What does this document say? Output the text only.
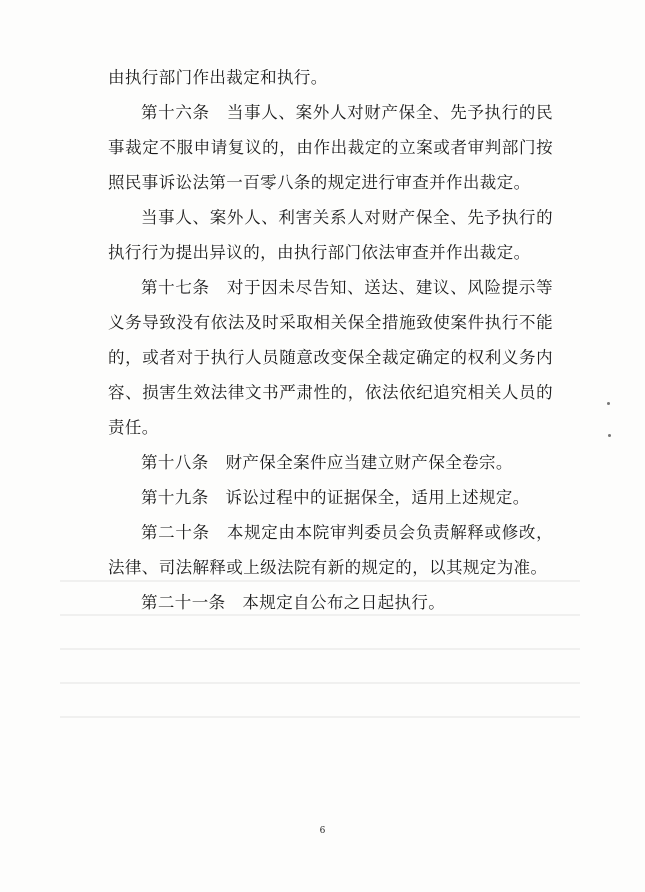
由执行部门作出裁定和执行。

第十六条　当事人、案外人对财产保全、先予执行的民事裁定不服申请复议的，由作出裁定的立案或者审判部门按照民事诉讼法第一百零八条的规定进行审查并作出裁定。

当事人、案外人、利害关系人对财产保全、先予执行的执行行为提出异议的，由执行部门依法审查并作出裁定。

第十七条　对于因未尽告知、送达、建议、风险提示等义务导致没有依法及时采取相关保全措施致使案件执行不能的，或者对于执行人员随意改变保全裁定确定的权利义务内容、损害生效法律文书严肃性的，依法依纪追究相关人员的责任。

第十八条　财产保全案件应当建立财产保全卷宗。

第十九条　诉讼过程中的证据保全，适用上述规定。

第二十条　本规定由本院审判委员会负责解释或修改，法律、司法解释或上级法院有新的规定的，以其规定为准。

第二十一条　本规定自公布之日起执行。

6
